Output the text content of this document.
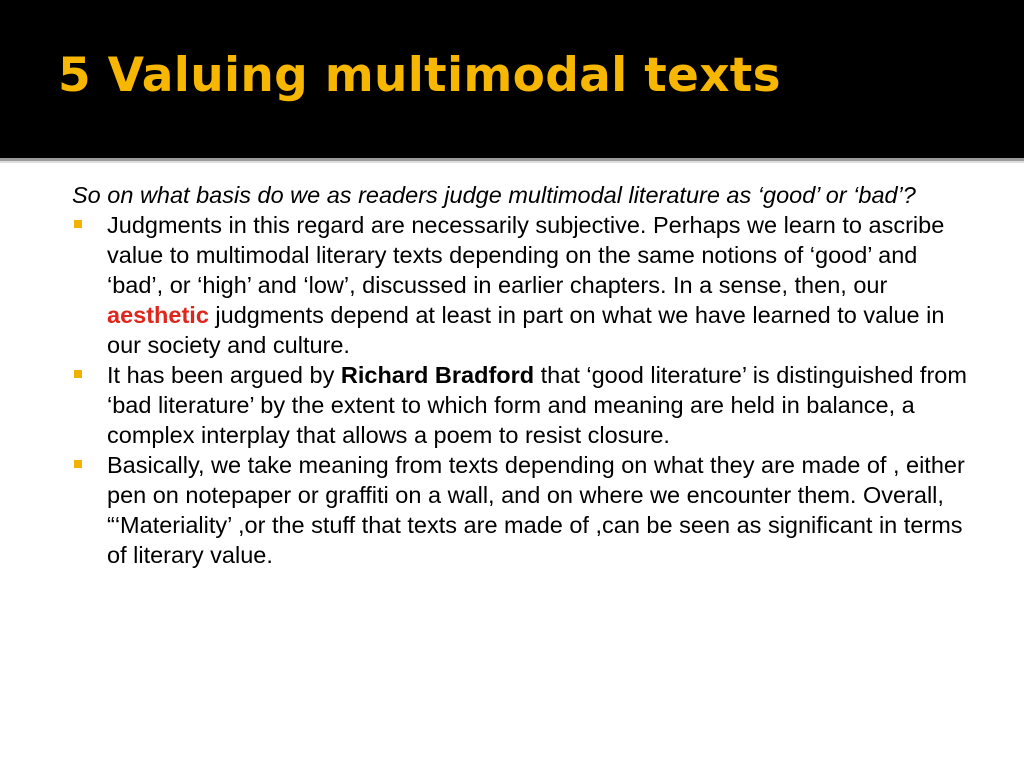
5 Valuing multimodal texts

So on what basis do we as readers judge multimodal literature as ‘good’ or ‘bad’?

Judgments in this regard are necessarily subjective. Perhaps we learn to ascribe value to multimodal literary texts depending on the same notions of ‘good’ and ‘bad’, or ‘high’ and ‘low’, discussed in earlier chapters. In a sense, then, our aesthetic judgments depend at least in part on what we have learned to value in our society and culture.
It has been argued by Richard Bradford that ‘good literature’ is distinguished from ‘bad literature’ by the extent to which form and meaning are held in balance, a complex interplay that allows a poem to resist closure.
Basically, we take meaning from texts depending on what they are made of , either pen on notepaper or graffiti on a wall, and on where we encounter them. Overall, “‘Materiality’ ,or the stuff that texts are made of ,can be seen as significant in terms of literary value.
